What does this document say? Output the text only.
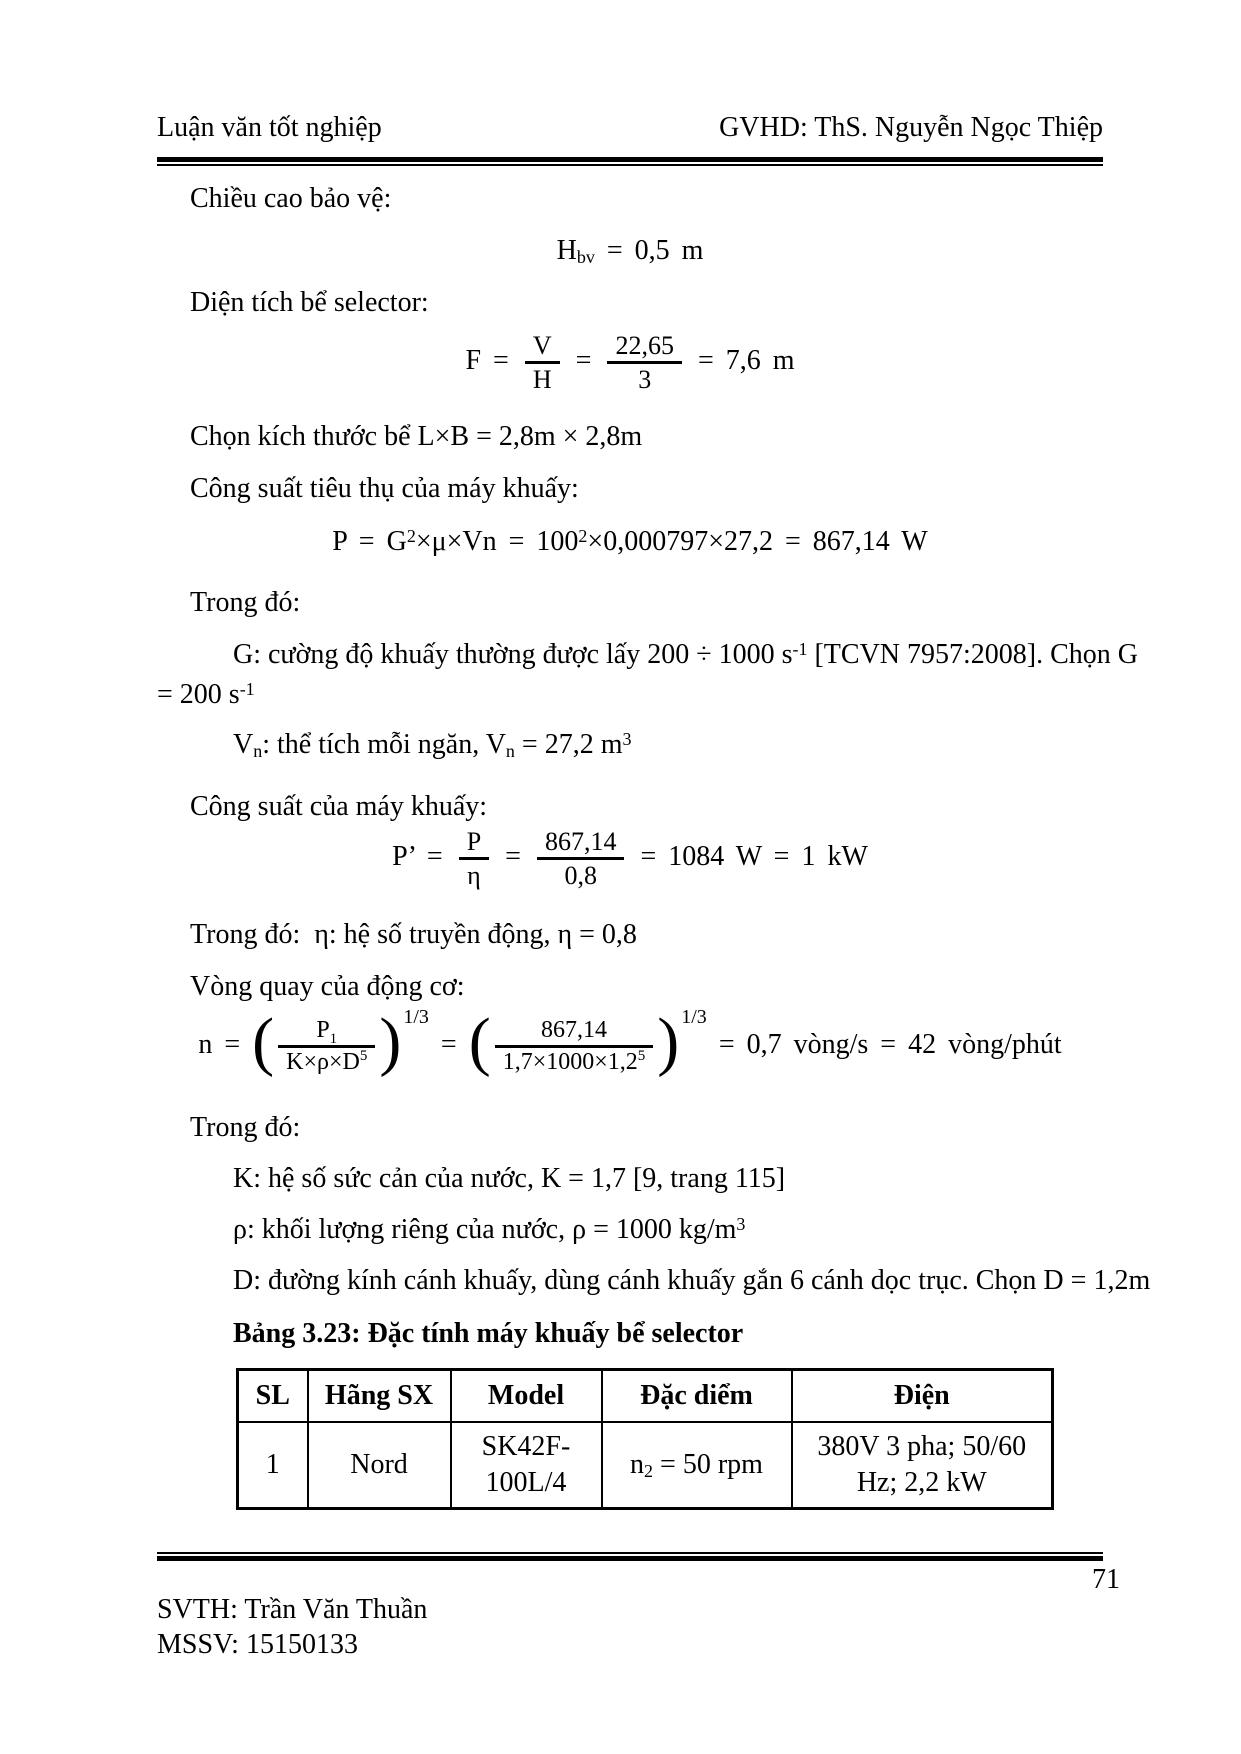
Luận văn tốt nghiệp	GVHD: ThS. Nguyễn Ngọc Thiệp
Chiều cao bảo vệ:
$H_{bv} = 0,5$ m
Diện tích bể selector:
$F = \frac{V}{H} = \frac{22,65}{3} = 7,6$ m
Chọn kích thước bể L×B = 2,8m × 2,8m
Công suất tiêu thụ của máy khuấy:
$P = G^2\times\mu\times Vn = 100^2\times 0,000797\times 27,2 = 867,14$ W
Trong đó:
G: cường độ khuấy thường được lấy 200 ÷ 1000 $s^{-1}$ [TCVN 7957:2008]. Chọn G
= 200 $s^{-1}$
$V_n$: thể tích mỗi ngăn, $V_n = 27,2$ $m^3$
Công suất của máy khuấy:
P’ = $\frac{P}{\eta} = \frac{867,14}{0,8} = 1084$ W = 1 kW
Trong đó:  η: hệ số truyền động, η = 0,8
Vòng quay của động cơ:
n = ( $\frac{P_1}{K\times\rho\times D^5}$ ) $^{1/3}$ = ( $\frac{867,14}{1,7\times 1000\times 1,2^5}$ ) $^{1/3}$ = 0,7 vòng/s = 42 vòng/phút
Trong đó:
K: hệ số sức cản của nước, K = 1,7 [9, trang 115]
ρ: khối lượng riêng của nước, ρ = 1000 $kg/m^3$
D: đường kính cánh khuấy, dùng cánh khuấy gắn 6 cánh dọc trục. Chọn D = 1,2m
Bảng 3.23: Đặc tính máy khuấy bể selector
SL	Hãng SX	Model	Đặc diểm	Điện
1	Nord	SK42F-100L/4	$n_2 = 50$ rpm	380V 3 pha; 50/60 Hz; 2,2 kW
71
SVTH: Trần Văn Thuần
MSSV: 15150133
